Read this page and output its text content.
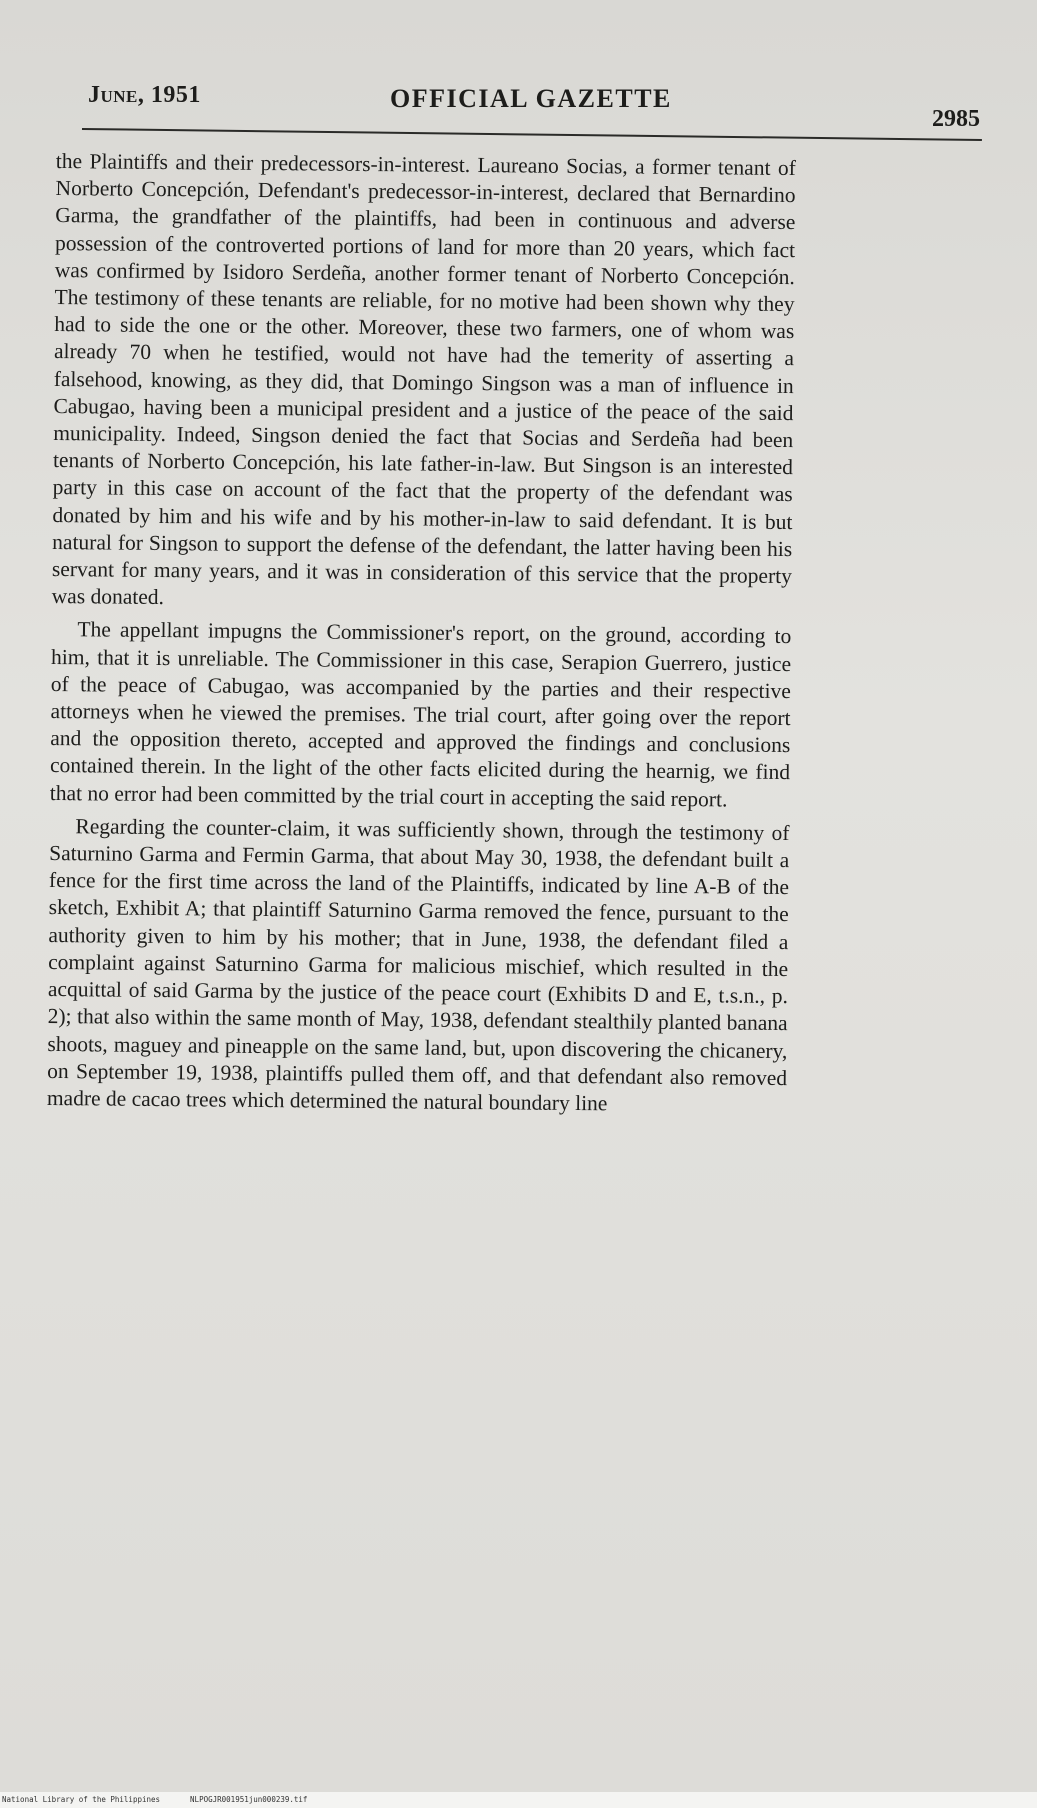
June, 1951	OFFICIAL GAZETTE
2985

the Plaintiffs and their predecessors-in-interest. Laureano Socias, a former tenant of Norberto Concepción, Defendant's predecessor-in-interest, declared that Bernardino Garma, the grandfather of the plaintiffs, had been in continuous and adverse possession of the controverted portions of land for more than 20 years, which fact was confirmed by Isidoro Serdeña, another former tenant of Norberto Concepción. The testimony of these tenants are reliable, for no motive had been shown why they had to side the one or the other. Moreover, these two farmers, one of whom was already 70 when he testified, would not have had the temerity of asserting a falsehood, knowing, as they did, that Domingo Singson was a man of influence in Cabugao, having been a municipal president and a justice of the peace of the said municipality. Indeed, Singson denied the fact that Socias and Serdeña had been tenants of Norberto Concepción, his late father-in-law. But Singson is an interested party in this case on account of the fact that the property of the defendant was donated by him and his wife and by his mother-in-law to said defendant. It is but natural for Singson to support the defense of the defendant, the latter having been his servant for many years, and it was in consideration of this service that the property was donated.

The appellant impugns the Commissioner's report, on the ground, according to him, that it is unreliable. The Commissioner in this case, Serapion Guerrero, justice of the peace of Cabugao, was accompanied by the parties and their respective attorneys when he viewed the premises. The trial court, after going over the report and the opposition thereto, accepted and approved the findings and conclusions contained therein. In the light of the other facts elicited during the hearnig, we find that no error had been committed by the trial court in accepting the said report.

Regarding the counter-claim, it was sufficiently shown, through the testimony of Saturnino Garma and Fermin Garma, that about May 30, 1938, the defendant built a fence for the first time across the land of the Plaintiffs, indicated by line A-B of the sketch, Exhibit A; that plaintiff Saturnino Garma removed the fence, pursuant to the authority given to him by his mother; that in June, 1938, the defendant filed a complaint against Saturnino Garma for malicious mischief, which resulted in the acquittal of said Garma by the justice of the peace court (Exhibits D and E, t.s.n., p. 2); that also within the same month of May, 1938, defendant stealthily planted banana shoots, maguey and pineapple on the same land, but, upon discovering the chicanery, on September 19, 1938, plaintiffs pulled them off, and that defendant also removed madre de cacao trees which determined the natural boundary line

National Library of the Philippines	NLPOGJR001951jun000239.tif
